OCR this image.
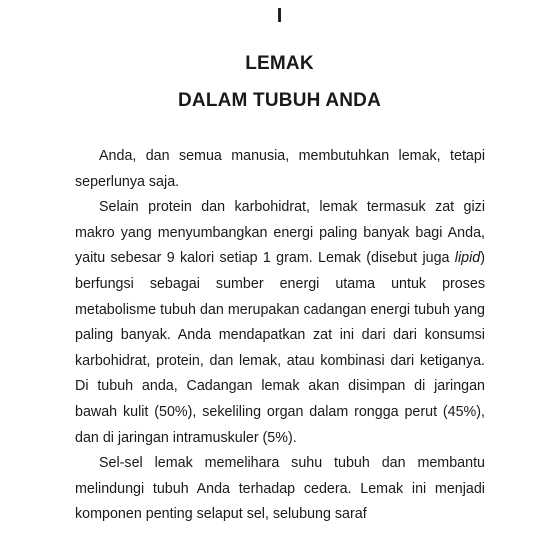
I
LEMAK
DALAM TUBUH ANDA

Anda, dan semua manusia, membutuhkan lemak, tetapi seperlunya saja.

Selain protein dan karbohidrat, lemak termasuk zat gizi makro yang menyumbangkan energi paling banyak bagi Anda, yaitu sebesar 9 kalori setiap 1 gram. Lemak (disebut juga lipid) berfungsi sebagai sumber energi utama untuk proses metabolisme tubuh dan merupakan cadangan energi tubuh yang paling banyak. Anda mendapatkan zat ini dari dari konsumsi karbohidrat, protein, dan lemak, atau kombinasi dari ketiganya. Di tubuh anda, Cadangan lemak akan disimpan di jaringan bawah kulit (50%), sekeliling organ dalam rongga perut (45%), dan di jaringan intramuskuler (5%).

Sel-sel lemak memelihara suhu tubuh dan membantu melindungi tubuh Anda terhadap cedera. Lemak ini menjadi komponen penting selaput sel, selubung saraf
